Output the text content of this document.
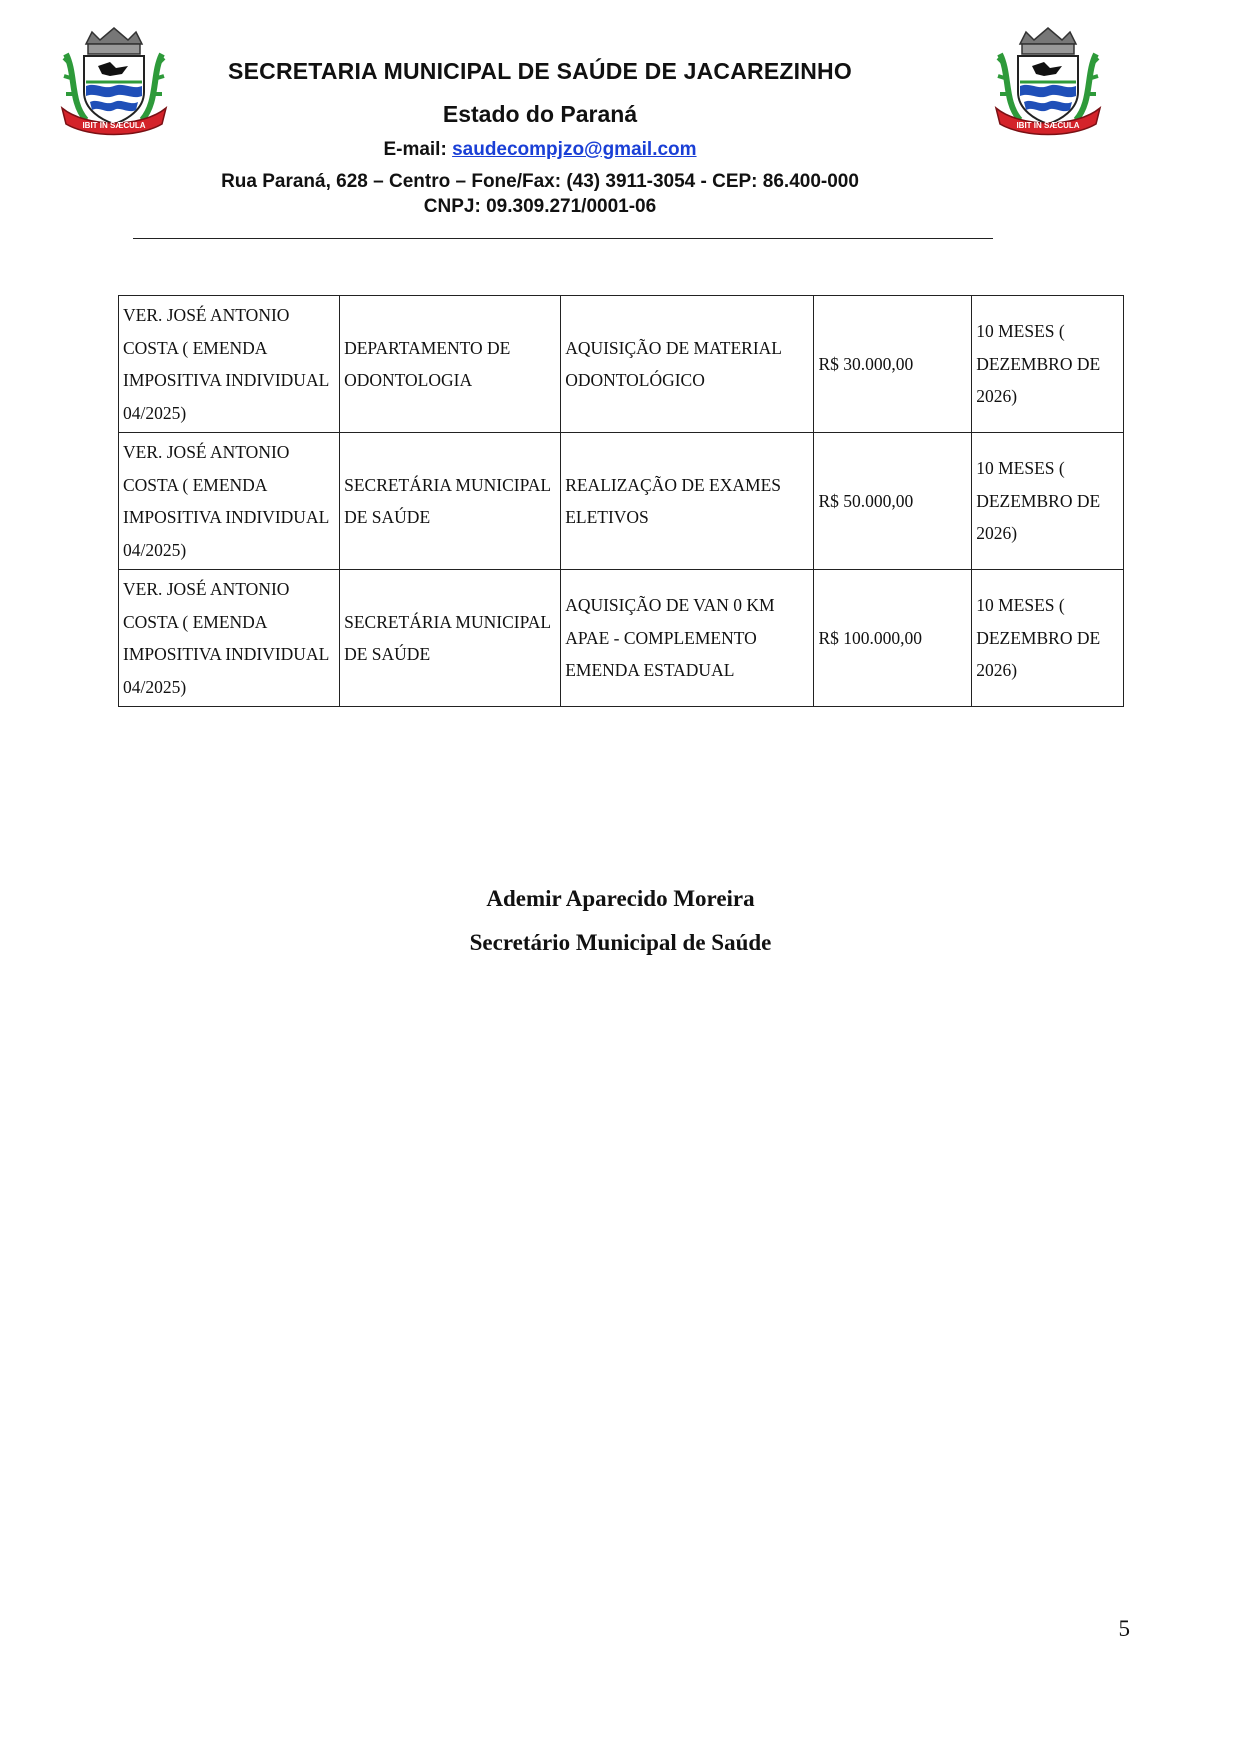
IBIT IN SÆCULA	IBIT IN SÆCULA
SECRETARIA MUNICIPAL DE SAÚDE DE JACAREZINHO
Estado do Paraná
E-mail: saudecompjzo@gmail.com
Rua Paraná, 628 – Centro – Fone/Fax: (43) 3911-3054 - CEP: 86.400-000
CNPJ: 09.309.271/0001-06
VER. JOSÉ ANTONIO COSTA ( EMENDA IMPOSITIVA INDIVIDUAL 04/2025)	DEPARTAMENTO DE ODONTOLOGIA	AQUISIÇÃO DE MATERIAL ODONTOLÓGICO	R$ 30.000,00	10 MESES ( DEZEMBRO DE 2026)
VER. JOSÉ ANTONIO COSTA ( EMENDA IMPOSITIVA INDIVIDUAL 04/2025)	SECRETÁRIA MUNICIPAL DE SAÚDE	REALIZAÇÃO DE EXAMES ELETIVOS	R$ 50.000,00	10 MESES ( DEZEMBRO DE 2026)
VER. JOSÉ ANTONIO COSTA ( EMENDA IMPOSITIVA INDIVIDUAL 04/2025)	SECRETÁRIA MUNICIPAL DE SAÚDE	AQUISIÇÃO DE VAN 0 KM APAE - COMPLEMENTO EMENDA ESTADUAL	R$ 100.000,00	10 MESES ( DEZEMBRO DE 2026)
Ademir Aparecido Moreira
Secretário Municipal de Saúde
5
